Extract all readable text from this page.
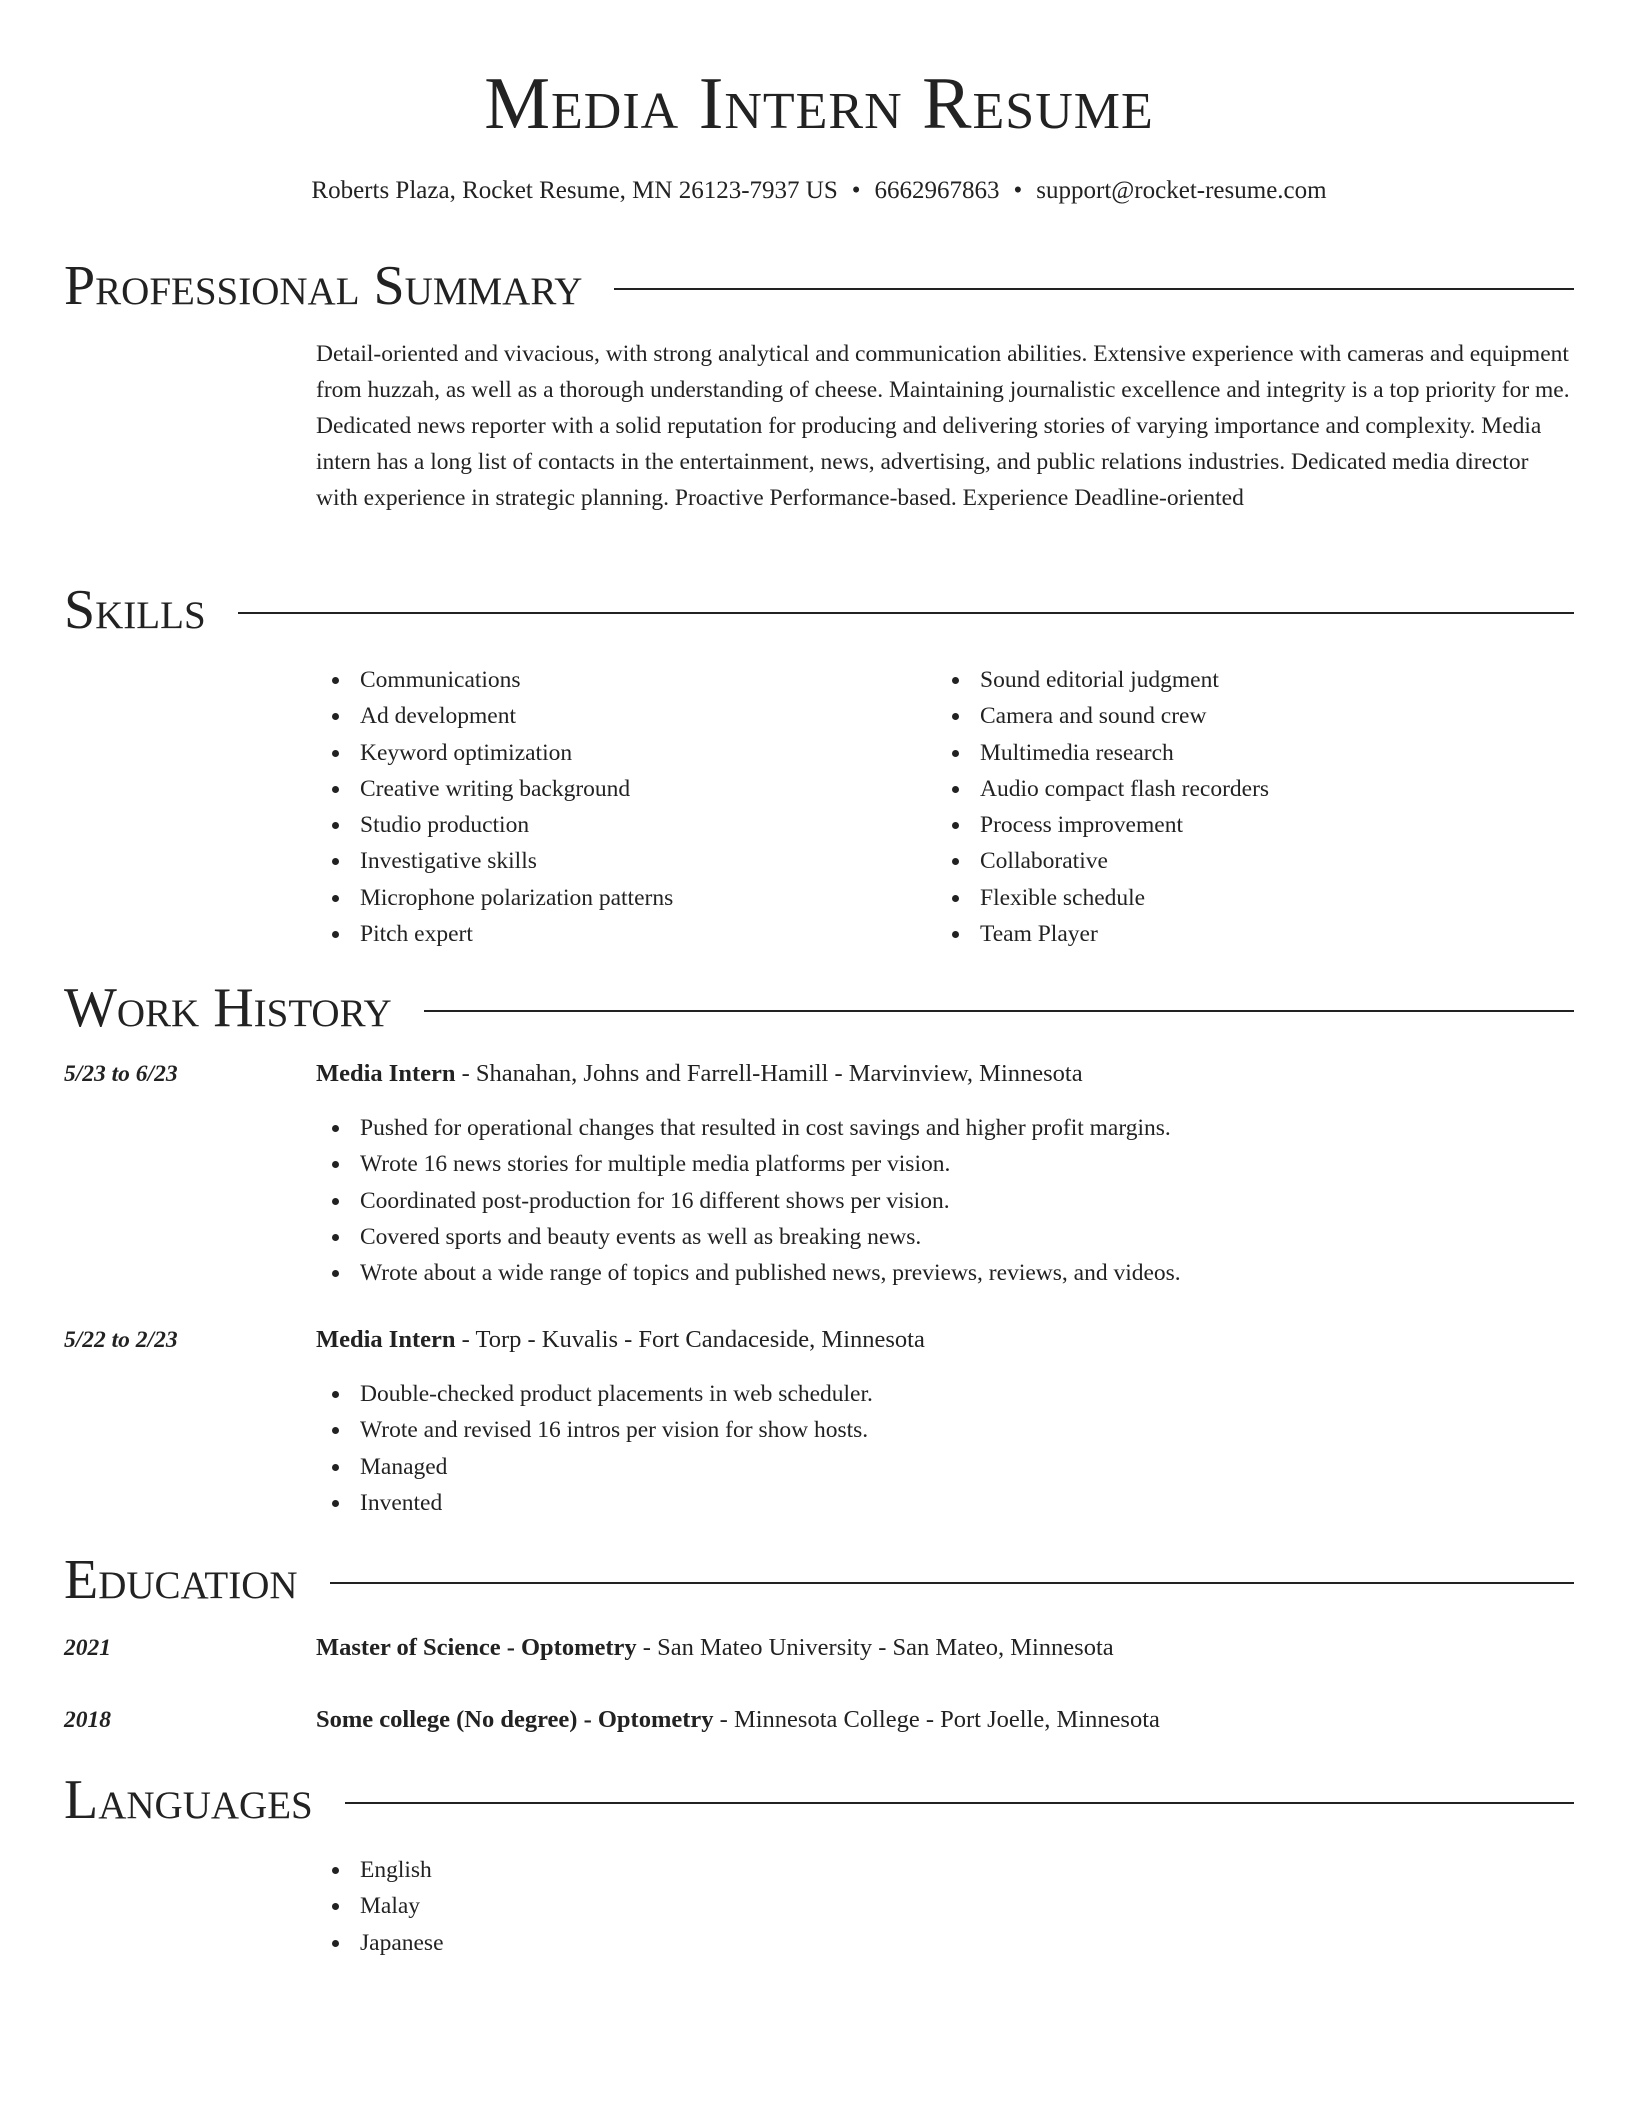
Media Intern Resume
Roberts Plaza, Rocket Resume, MN 26123-7937 US • 6662967863 • support@rocket-resume.com
Professional Summary

Detail-oriented and vivacious, with strong analytical and communication abilities. Extensive experience with cameras and equipment from huzzah, as well as a thorough understanding of cheese. Maintaining journalistic excellence and integrity is a top priority for me. Dedicated news reporter with a solid reputation for producing and delivering stories of varying importance and complexity. Media intern has a long list of contacts in the entertainment, news, advertising, and public relations industries. Dedicated media director with experience in strategic planning. Proactive Performance-based. Experience Deadline-oriented

Skills
Communications
Ad development
Keyword optimization
Creative writing background
Studio production
Investigative skills
Microphone polarization patterns
Pitch expert
Sound editorial judgment
Camera and sound crew
Multimedia research
Audio compact flash recorders
Process improvement
Collaborative
Flexible schedule
Team Player
Work History
5/23 to 6/23	Media Intern - Shanahan, Johns and Farrell-Hamill - Marvinview, Minnesota
Pushed for operational changes that resulted in cost savings and higher profit margins.
Wrote 16 news stories for multiple media platforms per vision.
Coordinated post-production for 16 different shows per vision.
Covered sports and beauty events as well as breaking news.
Wrote about a wide range of topics and published news, previews, reviews, and videos.
5/22 to 2/23	Media Intern - Torp - Kuvalis - Fort Candaceside, Minnesota
Double-checked product placements in web scheduler.
Wrote and revised 16 intros per vision for show hosts.
Managed
Invented
Education
2021	Master of Science - Optometry - San Mateo University - San Mateo, Minnesota
2018	Some college (No degree) - Optometry - Minnesota College - Port Joelle, Minnesota
Languages
English
Malay
Japanese
